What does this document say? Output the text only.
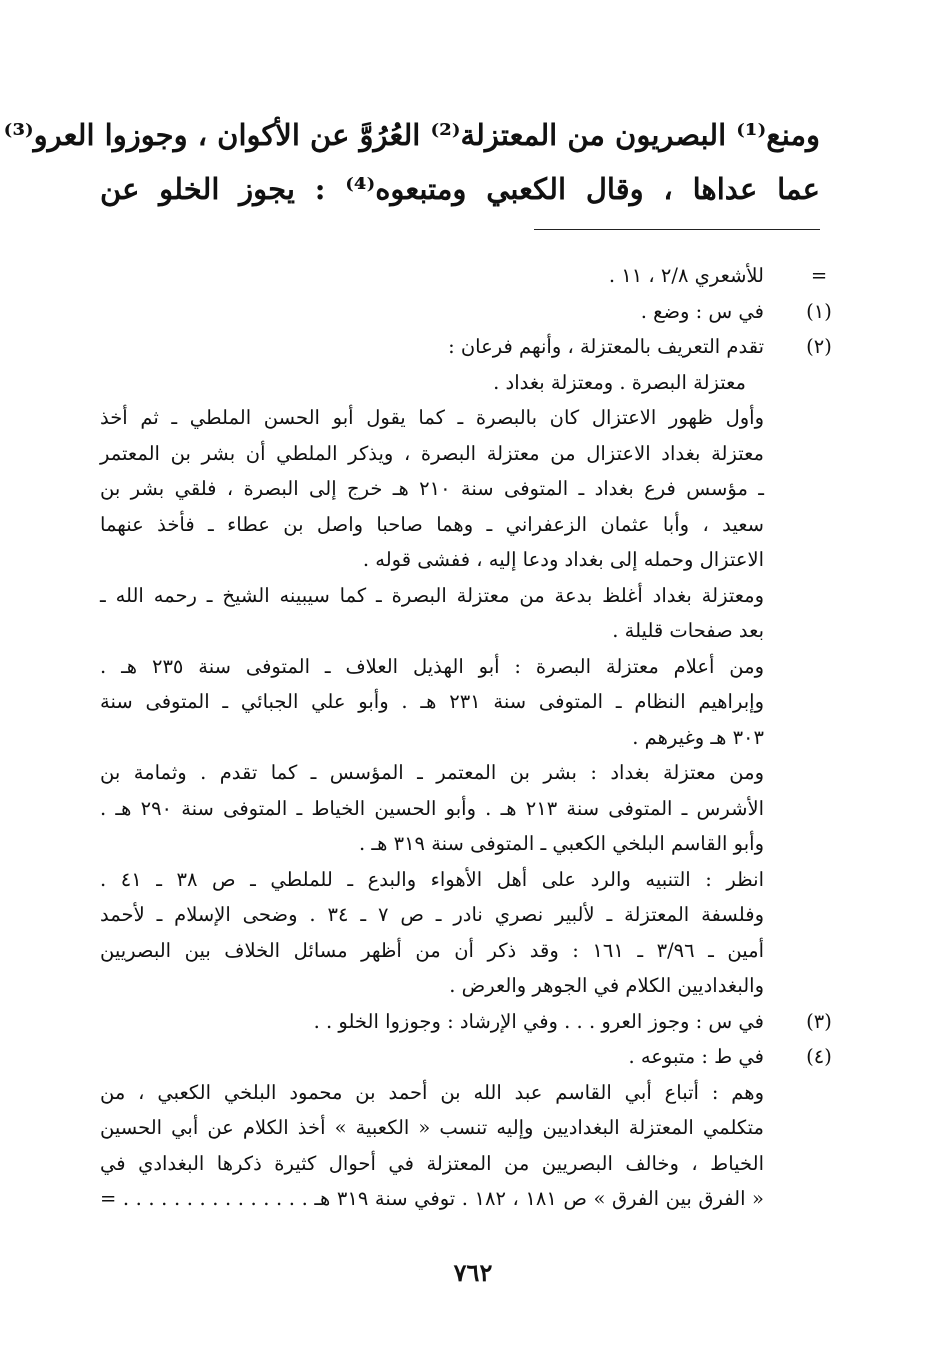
ومنع⁽¹⁾ البصريون من المعتزلة⁽²⁾ العُرُوَّ عن الأكوان ، وجوزوا العرو⁽³⁾
عما عداها ، وقال الكعبي ومتبعوه⁽⁴⁾ : يجوز الخلو عن
=
للأشعري ٢/٨ ، ١١ .
(١)
في س : وضع .
(٢)
تقدم التعريف بالمعتزلة ، وأنهم فرعان :
معتزلة البصرة . ومعتزلة بغداد .
وأول ظهور الاعتزال كان بالبصرة ـ كما يقول أبو الحسن الملطي ـ ثم أخذ
معتزلة بغداد الاعتزال من معتزلة البصرة ، ويذكر الملطي أن بشر بن المعتمر
ـ مؤسس فرع بغداد ـ المتوفى سنة ٢١٠ هـ خرج إلى البصرة ، فلقي بشر بن
سعيد ، وأبا عثمان الزعفراني ـ وهما صاحبا واصل بن عطاء ـ فأخذ عنهما
الاعتزال وحمله إلى بغداد ودعا إليه ، ففشى قوله .
ومعتزلة بغداد أغلظ بدعة من معتزلة البصرة ـ كما سيبينه الشيخ ـ رحمه الله ـ
بعد صفحات قليلة .
ومن أعلام معتزلة البصرة : أبو الهذيل العلاف ـ المتوفى سنة ٢٣٥ هـ .
وإبراهيم النظام ـ المتوفى سنة ٢٣١ هـ . وأبو علي الجبائي ـ المتوفى سنة
٣٠٣ هـ وغيرهم .
ومن معتزلة بغداد : بشر بن المعتمر ـ المؤسس ـ كما تقدم . وثمامة بن
الأشرس ـ المتوفى سنة ٢١٣ هـ . وأبو الحسين الخياط ـ المتوفى سنة ٢٩٠ هـ .
وأبو القاسم البلخي الكعبي ـ المتوفى سنة ٣١٩ هـ .
انظر : التنبيه والرد على أهل الأهواء والبدع ـ للملطي ـ ص ٣٨ ـ ٤١ .
وفلسفة المعتزلة ـ لألبير نصري نادر ـ ص ٧ ـ ٣٤ . وضحى الإسلام ـ لأحمد
أمين ـ ٣/٩٦ ـ ١٦١ : وقد ذكر أن من أظهر مسائل الخلاف بين البصريين
والبغداديين الكلام في الجوهر والعرض .
(٣)
في س : وجوز العرو . . . وفي الإرشاد : وجوزوا الخلو . .
(٤)
في ط : متبوعه .
وهم : أتباع أبي القاسم عبد الله بن أحمد بن محمود البلخي الكعبي ، من
متكلمي المعتزلة البغداديين وإليه تنسب « الكعبية » أخذ الكلام عن أبي الحسين
الخياط ، وخالف البصريين من المعتزلة في أحوال كثيرة ذكرها البغدادي في
« الفرق بين الفرق » ص ١٨١ ، ١٨٢ . توفي سنة ٣١٩ هـ . . . . . . . . . . . . . . . =
٧٦٢
